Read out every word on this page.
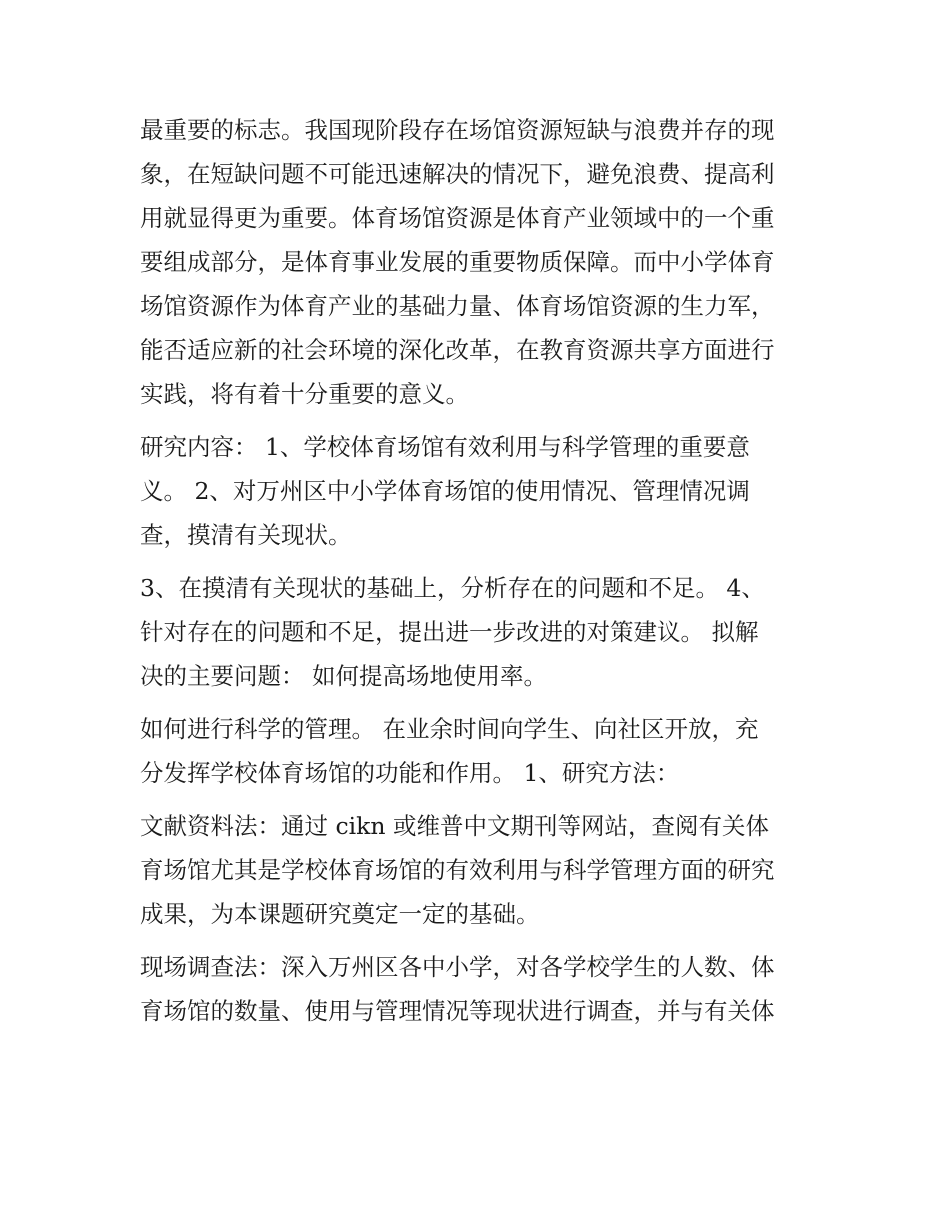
最重要的标志。我国现阶段存在场馆资源短缺与浪费并存的现
象，在短缺问题不可能迅速解决的情况下，避免浪费、提高利
用就显得更为重要。体育场馆资源是体育产业领域中的一个重
要组成部分，是体育事业发展的重要物质保障。而中小学体育
场馆资源作为体育产业的基础力量、体育场馆资源的生力军，
能否适应新的社会环境的深化改革，在教育资源共享方面进行
实践，将有着十分重要的意义。

研究内容： 1、学校体育场馆有效利用与科学管理的重要意
义。 2、对万州区中小学体育场馆的使用情况、管理情况调
查，摸清有关现状。

3、在摸清有关现状的基础上，分析存在的问题和不足。 4、
针对存在的问题和不足，提出进一步改进的对策建议。 拟解
决的主要问题： 如何提高场地使用率。

如何进行科学的管理。 在业余时间向学生、向社区开放，充
分发挥学校体育场馆的功能和作用。 1、研究方法：

文献资料法：通过 cikn 或维普中文期刊等网站，查阅有关体
育场馆尤其是学校体育场馆的有效利用与科学管理方面的研究
成果，为本课题研究奠定一定的基础。

现场调查法：深入万州区各中小学，对各学校学生的人数、体
育场馆的数量、使用与管理情况等现状进行调查，并与有关体
